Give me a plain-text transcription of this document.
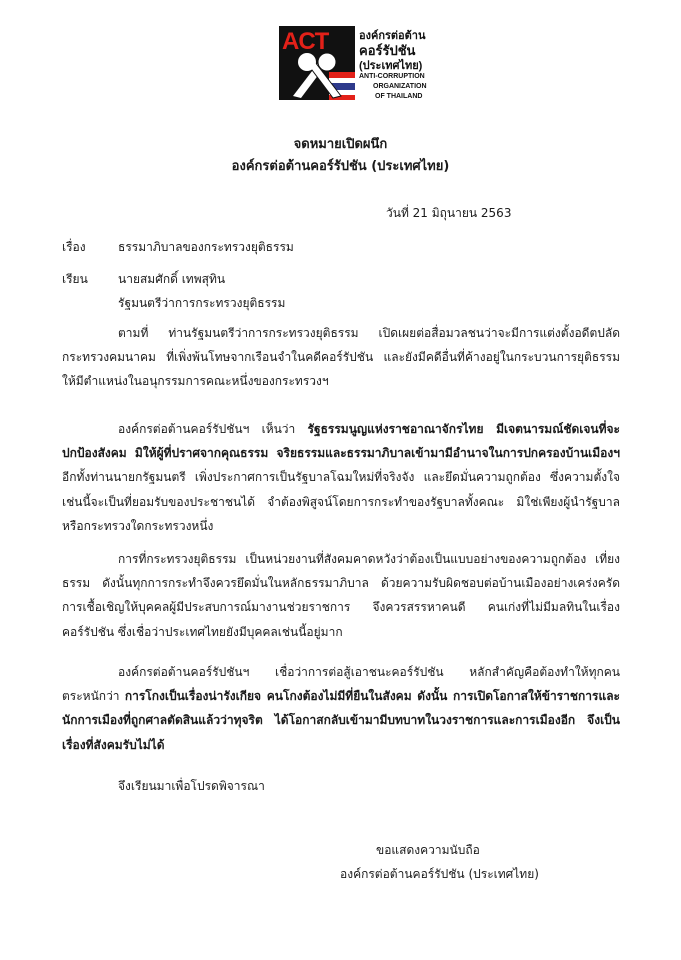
ACT	องค์กรต่อต้าน
คอร์รัปชัน
(ประเทศไทย)
ANTI-CORRUPTION
ORGANIZATION
OF THAILAND
จดหมายเปิดผนึก
องค์กรต่อต้านคอร์รัปชัน (ประเทศไทย)
วันที่ 21 มิถุนายน 2563
เรื่อง	ธรรมาภิบาลของกระทรวงยุติธรรม
เรียน	นายสมศักดิ์ เทพสุทิน
รัฐมนตรีว่าการกระทรวงยุติธรรม
ตามที่ ท่านรัฐมนตรีว่าการกระทรวงยุติธรรม เปิดเผยต่อสื่อมวลชนว่าจะมีการแต่งตั้งอดีตปลัดกระทรวงคมนาคม ที่เพิ่งพ้นโทษจากเรือนจำในคดีคอร์รัปชัน และยังมีคดีอื่นที่ค้างอยู่ในกระบวนการยุติธรรมให้มีตำแหน่งในอนุกรรมการคณะหนึ่งของกระทรวงฯ
องค์กรต่อต้านคอร์รัปชันฯ เห็นว่า รัฐธรรมนูญแห่งราชอาณาจักรไทย มีเจตนารมณ์ชัดเจนที่จะปกป้องสังคม มิให้ผู้ที่ปราศจากคุณธรรม จริยธรรมและธรรมาภิบาลเข้ามามีอำนาจในการปกครองบ้านเมืองฯ อีกทั้งท่านนายกรัฐมนตรี เพิ่งประกาศการเป็นรัฐบาลโฉมใหม่ที่จริงจัง และยึดมั่นความถูกต้อง ซึ่งความตั้งใจเช่นนี้จะเป็นที่ยอมรับของประชาชนได้ จำต้องพิสูจน์โดยการกระทำของรัฐบาลทั้งคณะ มิใช่เพียงผู้นำรัฐบาลหรือกระทรวงใดกระทรวงหนึ่ง
การที่กระทรวงยุติธรรม เป็นหน่วยงานที่สังคมคาดหวังว่าต้องเป็นแบบอย่างของความถูกต้อง เที่ยงธรรม ดังนั้นทุกการกระทำจึงควรยึดมั่นในหลักธรรมาภิบาล ด้วยความรับผิดชอบต่อบ้านเมืองอย่างเคร่งครัด การเชื้อเชิญให้บุคคลผู้มีประสบการณ์มางานช่วยราชการ จึงควรสรรหาคนดี คนเก่งที่ไม่มีมลทินในเรื่องคอร์รัปชัน ซึ่งเชื่อว่าประเทศไทยยังมีบุคคลเช่นนี้อยู่มาก
องค์กรต่อต้านคอร์รัปชันฯ เชื่อว่าการต่อสู้เอาชนะคอร์รัปชัน หลักสำคัญคือต้องทำให้ทุกคนตระหนักว่า การโกงเป็นเรื่องน่ารังเกียจ คนโกงต้องไม่มีที่ยืนในสังคม ดังนั้น การเปิดโอกาสให้ข้าราชการและนักการเมืองที่ถูกศาลตัดสินแล้วว่าทุจริต ได้โอกาสกลับเข้ามามีบทบาทในวงราชการและการเมืองอีก จึงเป็นเรื่องที่สังคมรับไม่ได้
จึงเรียนมาเพื่อโปรดพิจารณา
ขอแสดงความนับถือ
องค์กรต่อต้านคอร์รัปชัน (ประเทศไทย)
